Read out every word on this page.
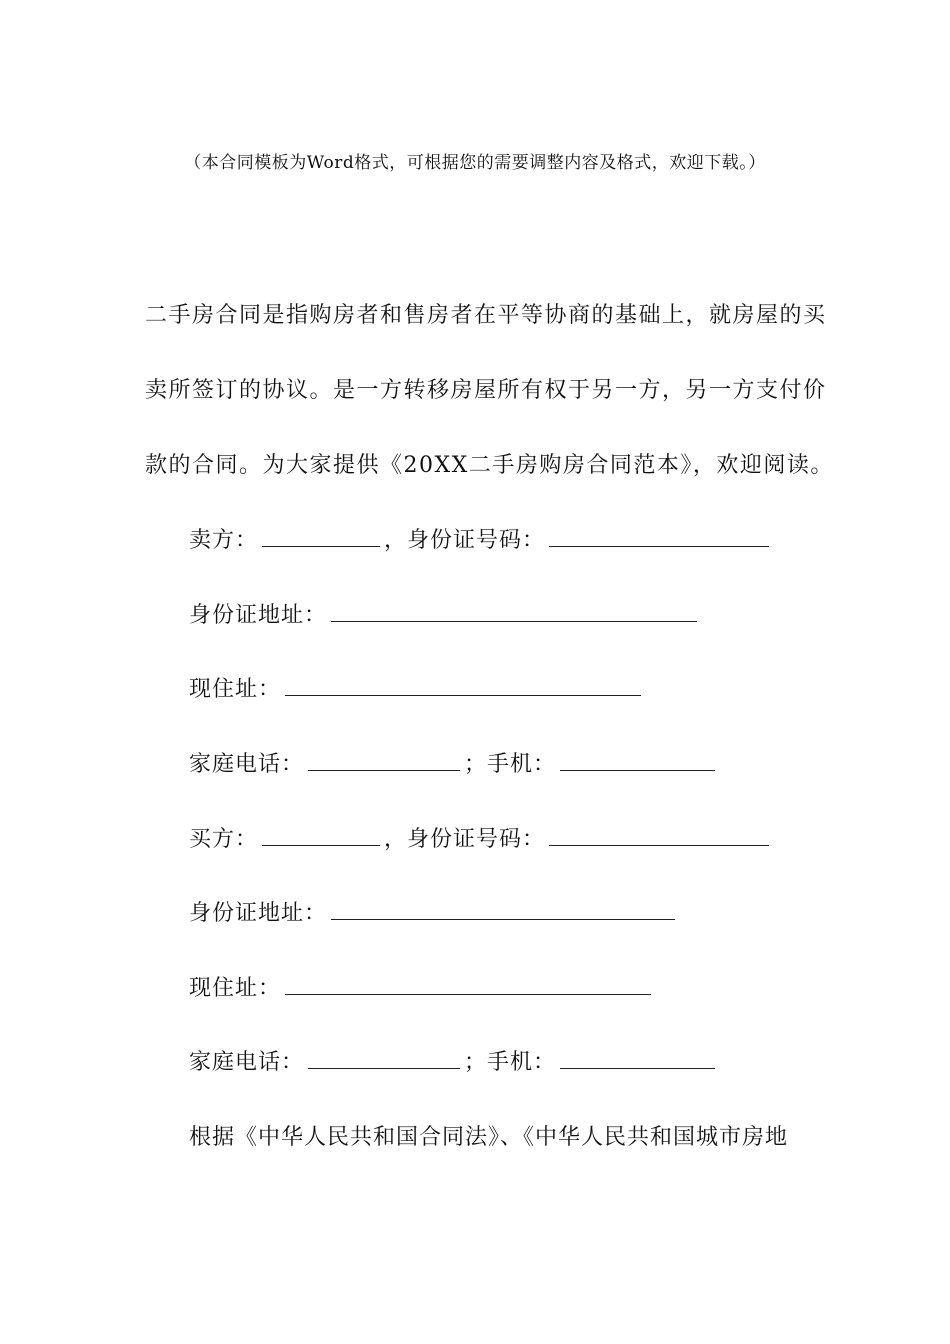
（本合同模板为Word格式，可根据您的需要调整内容及格式，欢迎下载。）
二手房合同是指购房者和售房者在平等协商的基础上，就房屋的买
卖所签订的协议。是一方转移房屋所有权于另一方，另一方支付价
款的合同。为大家提供《20XX二手房购房合同范本》，欢迎阅读。
卖方：	，身份证号码：
身份证地址：
现住址：
家庭电话：	；手机：
买方：	，身份证号码：
身份证地址：
现住址：
家庭电话：	；手机：
根据《中华人民共和国合同法》、《中华人民共和国城市房地
